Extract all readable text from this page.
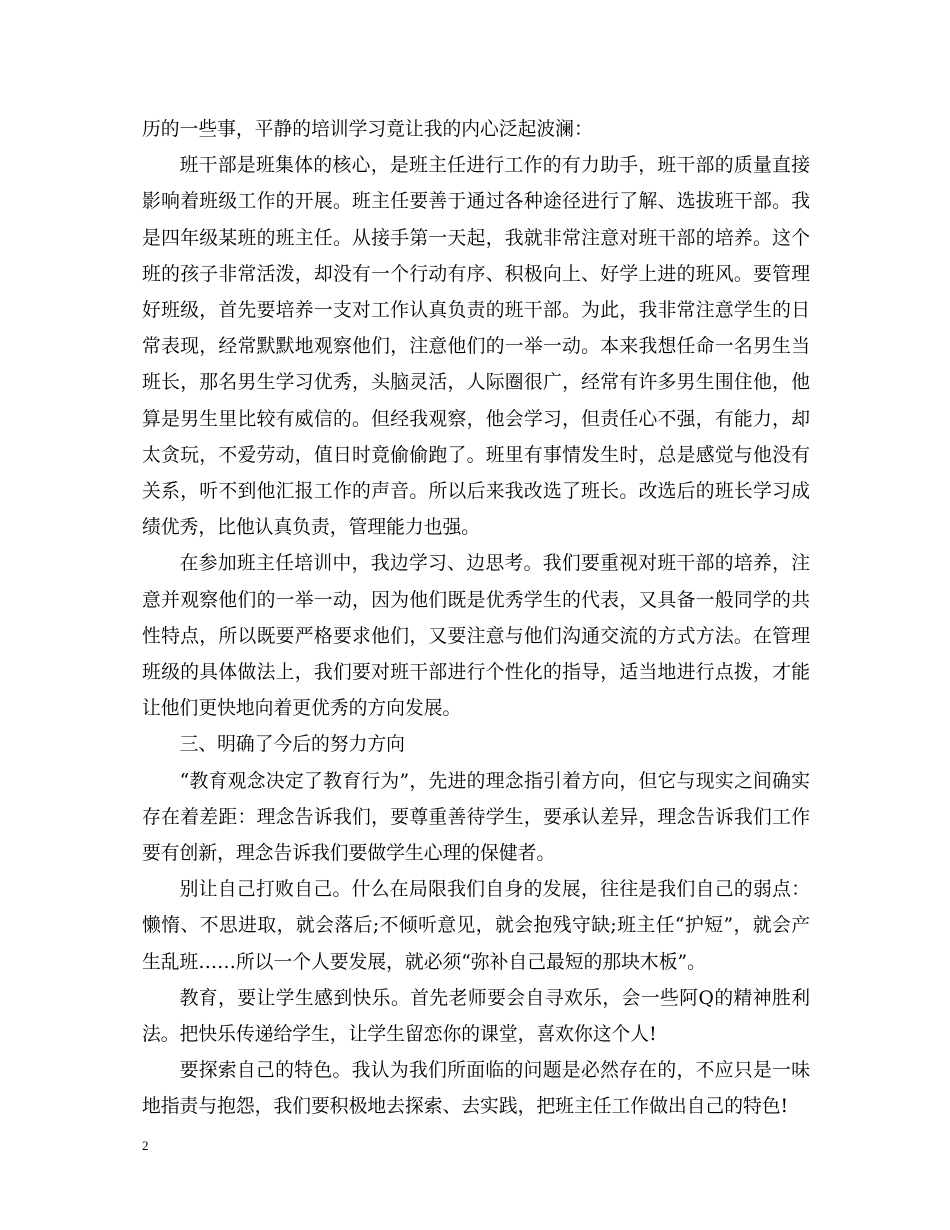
历的一些事，平静的培训学习竟让我的内心泛起波澜：

班干部是班集体的核心，是班主任进行工作的有力助手，班干部的质量直接影响着班级工作的开展。班主任要善于通过各种途径进行了解、选拔班干部。我是四年级某班的班主任。从接手第一天起，我就非常注意对班干部的培养。这个班的孩子非常活泼，却没有一个行动有序、积极向上、好学上进的班风。要管理好班级，首先要培养一支对工作认真负责的班干部。为此，我非常注意学生的日常表现，经常默默地观察他们，注意他们的一举一动。本来我想任命一名男生当班长，那名男生学习优秀，头脑灵活，人际圈很广，经常有许多男生围住他，他算是男生里比较有威信的。但经我观察，他会学习，但责任心不强，有能力，却太贪玩，不爱劳动，值日时竟偷偷跑了。班里有事情发生时，总是感觉与他没有关系，听不到他汇报工作的声音。所以后来我改选了班长。改选后的班长学习成绩优秀，比他认真负责，管理能力也强。

在参加班主任培训中，我边学习、边思考。我们要重视对班干部的培养，注意并观察他们的一举一动，因为他们既是优秀学生的代表，又具备一般同学的共性特点，所以既要严格要求他们，又要注意与他们沟通交流的方式方法。在管理班级的具体做法上，我们要对班干部进行个性化的指导，适当地进行点拨，才能让他们更快地向着更优秀的方向发展。

三、明确了今后的努力方向

“教育观念决定了教育行为”，先进的理念指引着方向，但它与现实之间确实存在着差距：理念告诉我们，要尊重善待学生，要承认差异，理念告诉我们工作要有创新，理念告诉我们要做学生心理的保健者。

别让自己打败自己。什么在局限我们自身的发展，往往是我们自己的弱点：懒惰、不思进取，就会落后;不倾听意见，就会抱残守缺;班主任“护短”，就会产生乱班……所以一个人要发展，就必须“弥补自己最短的那块木板”。

教育，要让学生感到快乐。首先老师要会自寻欢乐，会一些阿Q的精神胜利法。把快乐传递给学生，让学生留恋你的课堂，喜欢你这个人!

要探索自己的特色。我认为我们所面临的问题是必然存在的，不应只是一味地指责与抱怨，我们要积极地去探索、去实践，把班主任工作做出自己的特色!

2
